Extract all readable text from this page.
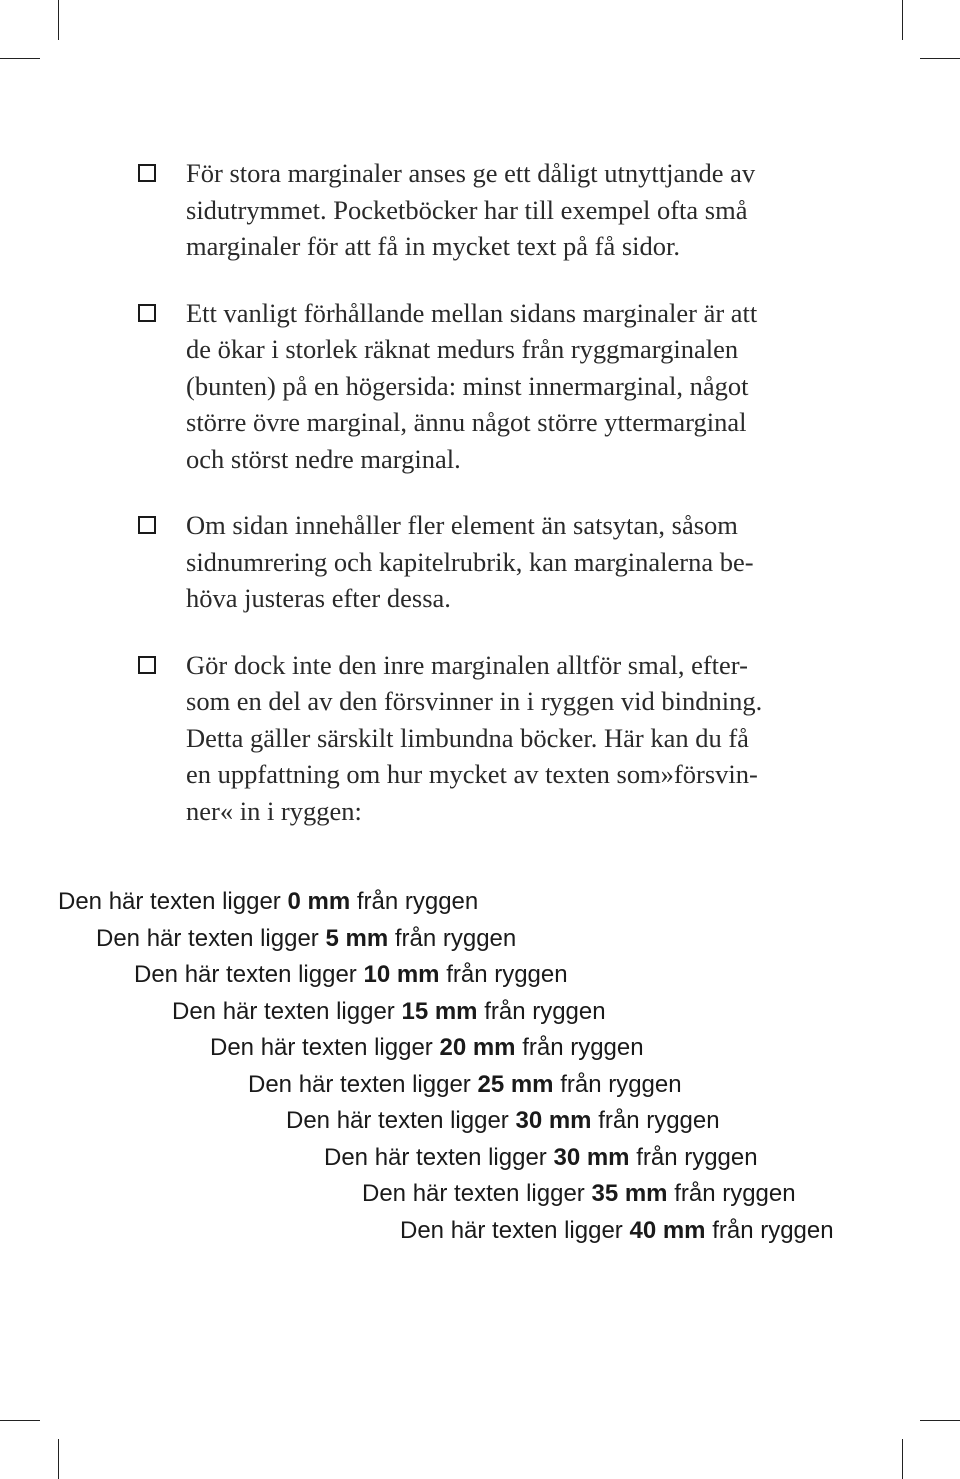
För stora marginaler anses ge ett dåligt utnyttjande av
sidutrymmet. Pocketböcker har till exempel ofta små
marginaler för att få in mycket text på få sidor.
Ett vanligt förhållande mellan sidans marginaler är att
de ökar i storlek räknat medurs från ryggmarginalen
(bunten) på en högersida: minst innermarginal, något
större övre marginal, ännu något större yttermarginal
och störst nedre marginal.
Om sidan innehåller fler element än satsytan, såsom
sidnumrering och kapitelrubrik, kan marginalerna be-
höva justeras efter dessa.
Gör dock inte den inre marginalen alltför smal, efter-
som en del av den försvinner in i ryggen vid bindning.
Detta gäller särskilt limbundna böcker. Här kan du få
en uppfattning om hur mycket av texten som»försvin-
ner« in i ryggen:
Den här texten ligger 0 mm från ryggen
Den här texten ligger 5 mm från ryggen
Den här texten ligger 10 mm från ryggen
Den här texten ligger 15 mm från ryggen
Den här texten ligger 20 mm från ryggen
Den här texten ligger 25 mm från ryggen
Den här texten ligger 30 mm från ryggen
Den här texten ligger 30 mm från ryggen
Den här texten ligger 35 mm från ryggen
Den här texten ligger 40 mm från ryggen
